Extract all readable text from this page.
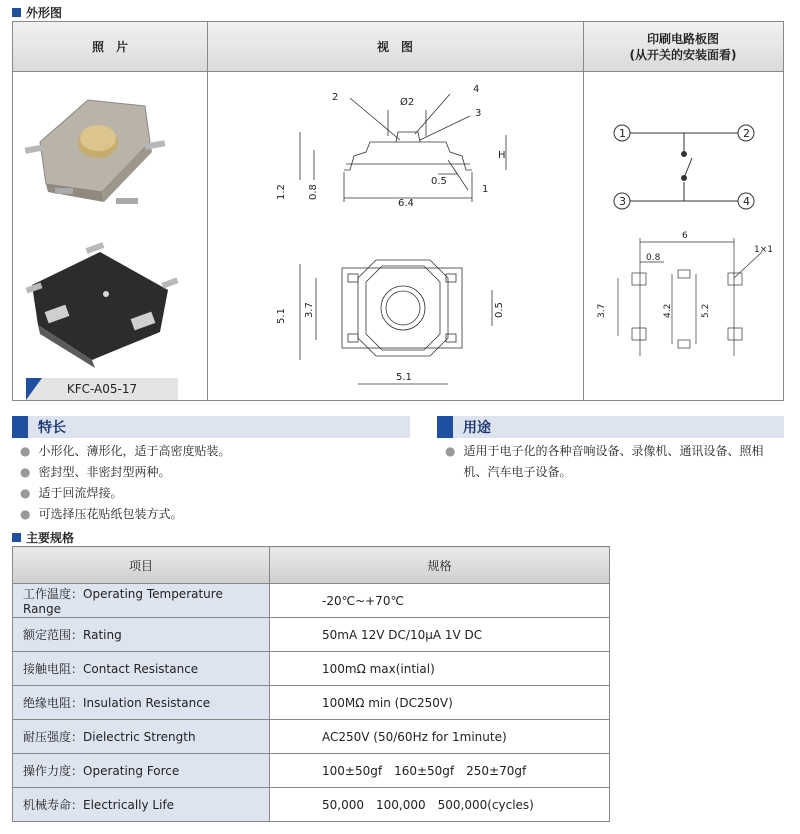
外形图
照　片	视　图
印刷电路板图
(从开关的安装面看)
KFC-A05-17
Ø2
2
4
3
1
H
0.5
6.4
1.2 0.8
5.1 3.7	0.5
5.1
1	2
3	4
6
1×1
0.8
3.7	4.2	5.2
特长	用途
● 小形化、薄形化，适于高密度贴装。
● 密封型、非密封型两种。
● 适于回流焊接。
● 可选择压花贴纸包装方式。
● 适用于电子化的各种音响设备、录像机、通讯设备、照相机、汽车电子设备。
主要规格
项目	规格
工作温度：Operating Temperature Range	-20℃~+70℃
额定范围：Rating	50mA 12V DC/10μA 1V DC
接触电阻：Contact Resistance	100mΩ max(intial)
绝缘电阻：Insulation Resistance	100MΩ min (DC250V)
耐压强度：Dielectric Strength	AC250V (50/60Hz for 1minute)
操作力度：Operating Force	100±50gf　160±50gf　250±70gf
机械寿命：Electrically Life	50,000　100,000　500,000(cycles)
